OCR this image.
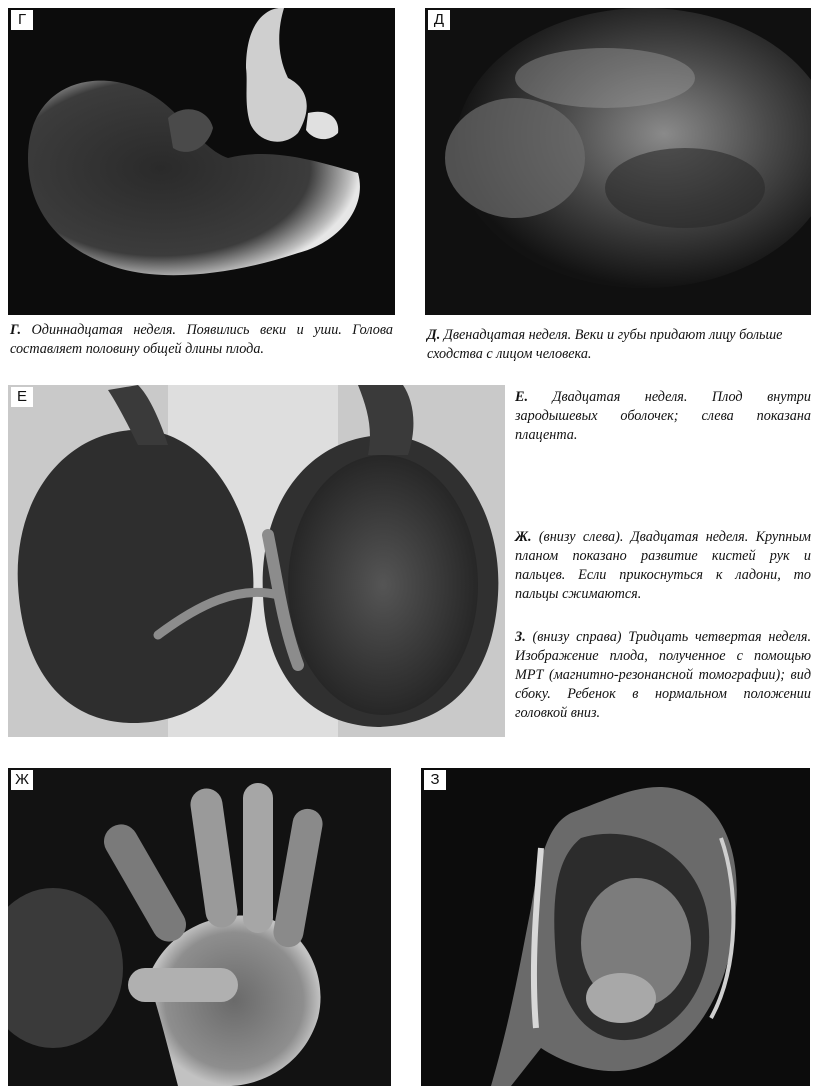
Г	Д
Г. Одиннадцатая неделя. Появились веки и уши. Голова составляет половину общей длины плода.
Д. Двенадцатая неделя. Веки и губы придают лицу больше сходства с лицом человека.
Е	Е. Двадцатая неделя. Плод внутри зародышевых оболочек; слева показана плацента.
Ж. (внизу слева). Двадцатая неделя. Крупным планом показано развитие кистей рук и пальцев. Если прикоснуться к ладони, то пальцы сжимаются.
З. (внизу справа) Тридцать четвертая неделя. Изображение плода, полученное с помощью МРТ (магнитно-резонансной томографии); вид сбоку. Ребенок в нормальном положении головкой вниз.
Ж	З
